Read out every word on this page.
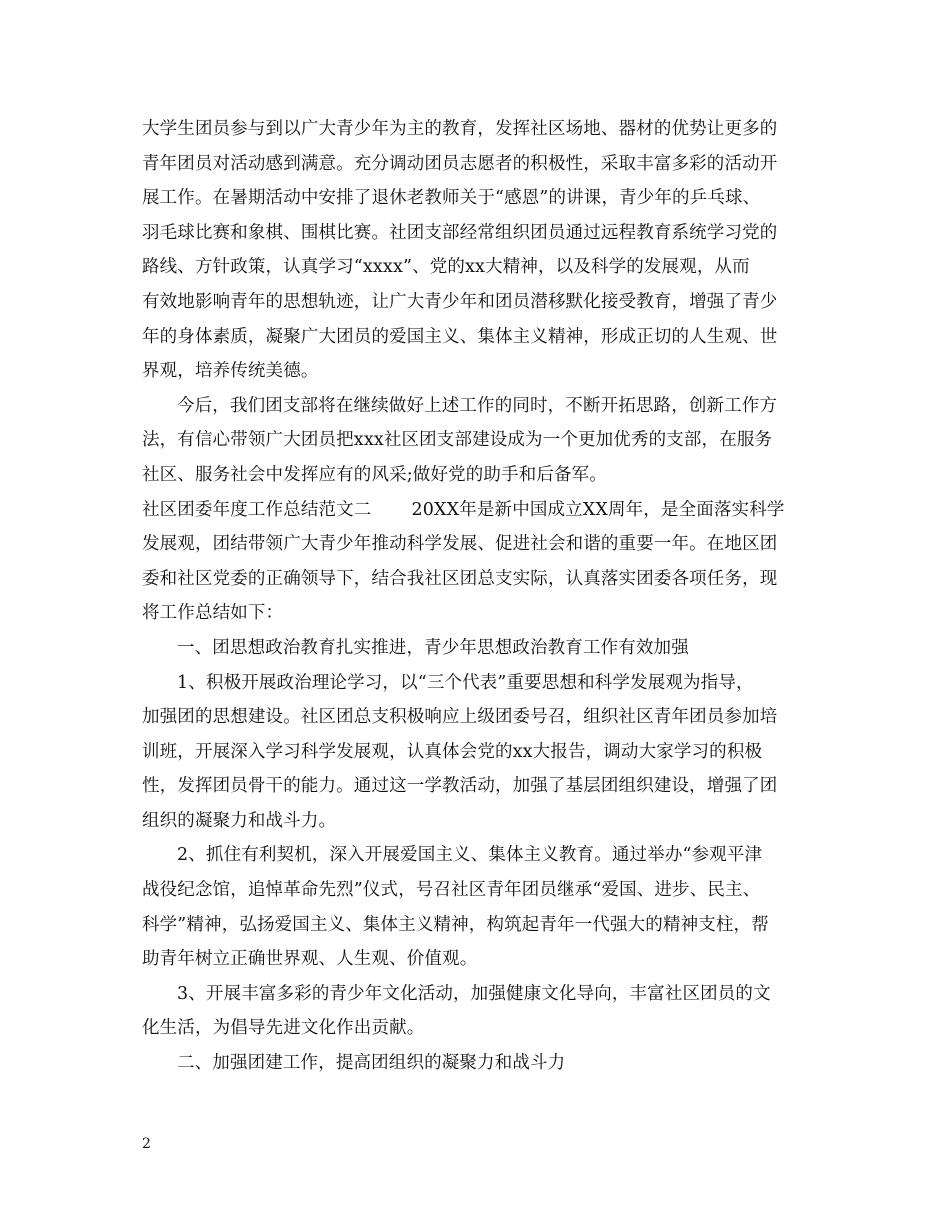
大学生团员参与到以广大青少年为主的教育，发挥社区场地、器材的优势让更多的
青年团员对活动感到满意。充分调动团员志愿者的积极性，采取丰富多彩的活动开
展工作。在暑期活动中安排了退休老教师关于“感恩”的讲课，青少年的乒乓球、
羽毛球比赛和象棋、围棋比赛。社团支部经常组织团员通过远程教育系统学习党的
路线、方针政策，认真学习“xxxx”、党的xx大精神，以及科学的发展观，从而
有效地影响青年的思想轨迹，让广大青少年和团员潜移默化接受教育，增强了青少
年的身体素质，凝聚广大团员的爱国主义、集体主义精神，形成正切的人生观、世
界观，培养传统美德。
今后，我们团支部将在继续做好上述工作的同时，不断开拓思路，创新工作方
法，有信心带领广大团员把xxx社区团支部建设成为一个更加优秀的支部，在服务
社区、服务社会中发挥应有的风采;做好党的助手和后备军。
社区团委年度工作总结范文二 20XX年是新中国成立XX周年，是全面落实科学
发展观，团结带领广大青少年推动科学发展、促进社会和谐的重要一年。在地区团
委和社区党委的正确领导下，结合我社区团总支实际，认真落实团委各项任务，现
将工作总结如下：
一、团思想政治教育扎实推进，青少年思想政治教育工作有效加强
1、积极开展政治理论学习，以“三个代表”重要思想和科学发展观为指导，
加强团的思想建设。社区团总支积极响应上级团委号召，组织社区青年团员参加培
训班，开展深入学习科学发展观，认真体会党的xx大报告，调动大家学习的积极
性，发挥团员骨干的能力。通过这一学教活动，加强了基层团组织建设，增强了团
组织的凝聚力和战斗力。
2、抓住有利契机，深入开展爱国主义、集体主义教育。通过举办“参观平津
战役纪念馆，追悼革命先烈”仪式，号召社区青年团员继承“爱国、进步、民主、
科学”精神，弘扬爱国主义、集体主义精神，构筑起青年一代强大的精神支柱，帮
助青年树立正确世界观、人生观、价值观。
3、开展丰富多彩的青少年文化活动，加强健康文化导向，丰富社区团员的文
化生活，为倡导先进文化作出贡献。
二、加强团建工作，提高团组织的凝聚力和战斗力
2
